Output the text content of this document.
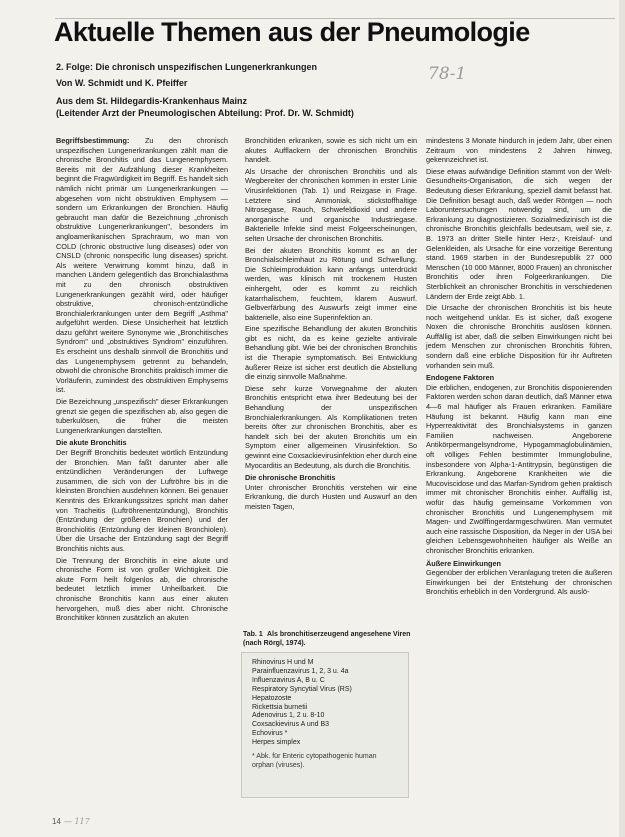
Aktuelle Themen aus der Pneumologie
78-1

2. Folge: Die chronisch unspezifischen Lungenerkrankungen

Von W. Schmidt und K. Pfeiffer

Aus dem St. Hildegardis-Krankenhaus Mainz

(Leitender Arzt der Pneumologischen Abteilung: Prof. Dr. W. Schmidt)

Begriffsbestimmung: Zu den chronisch unspezifischen Lungenerkrankungen zählt man die chronische Bronchitis und das Lungenemphysem. Bereits mit der Aufzählung dieser Krankheiten beginnt die Fragwürdigkeit im Begriff. Es handelt sich nämlich nicht primär um Lungenerkrankungen — abgesehen vom nicht obstruktiven Emphysem — sondern um Erkrankungen der Bronchien. Häufig gebraucht man dafür die Bezeichnung „chronisch obstruktive Lungenerkrankungen", besonders im angloamerikanischen Sprachraum, wo man von COLD (chronic obstructive lung diseases) oder von CNSLD (chronic nonspecific lung diseases) spricht. Als weitere Verwirrung kommt hinzu, daß in manchen Ländern gelegentlich das Bronchialasthma mit zu den chronisch obstruktiven Lungenerkrankungen gezählt wird, oder häufiger obstruktive, chronisch-entzündliche Bronchialerkrankungen unter dem Begriff „Asthma" aufgeführt werden. Diese Unsicherheit hat letztlich dazu geführt weitere Synonyme wie „Bronchitisches Syndrom" und „obstruktives Syndrom" einzuführen. Es erscheint uns deshalb sinnvoll die Bronchitis und das Lungenemphysem getrennt zu behandeln, obwohl die chronische Bronchitis praktisch immer die Vorläuferin, zumindest des obstruktiven Emphysems ist.

Die Bezeichnung „unspezifisch" dieser Erkrankungen grenzt sie gegen die spezifischen ab, also gegen die tuberkulösen, die früher die meisten Lungenerkrankungen darstellten.

Die akute Bronchitis

Der Begriff Bronchitis bedeutet wörtlich Entzündung der Bronchien. Man faßt darunter aber alle entzündlichen Veränderungen der Luftwege zusammen, die sich von der Luftröhre bis in die kleinsten Bronchien ausdehnen können. Bei genauer Kenntnis des Erkrankungssitzes spricht man daher von Tracheitis (Luftröhrenentzündung), Bronchitis (Entzündung der größeren Bronchien) und der Bronchiolitis (Entzündung der kleinen Bronchiolen). Über die Ursache der Entzündung sagt der Begriff Bronchitis nichts aus.

Die Trennung der Bronchitis in eine akute und chronische Form ist von großer Wichtigkeit. Die akute Form heilt folgenlos ab, die chronische bedeutet letztlich immer Unheilbarkeit. Die chronische Bronchitis kann aus einer akuten hervorgehen, muß dies aber nicht. Chronische Bronchitiker können zusätzlich an akuten

Bronchitiden erkranken, sowie es sich nicht um ein akutes Aufflackern der chronischen Bronchitis handelt.

Als Ursache der chronischen Bronchitis und als Wegbereiter der chronischen kommen in erster Linie Virusinfektionen (Tab. 1) und Reizgase in Frage. Letztere sind Ammoniak, stickstoffhaltige Nitrosegase, Rauch, Schwefeldioxid und andere anorganische und organische Industriegase. Bakterielle Infekte sind meist Folgeerscheinungen, selten Ursache der chronischen Bronchitis.

Bei der akuten Bronchitis kommt es an der Bronchialschleimhaut zu Rötung und Schwellung. Die Schleimproduktion kann anfangs unterdrückt werden, was klinisch mit trockenem Husten einhergeht, oder es kommt zu reichlich katarrhalischem, feuchtem, klarem Auswurf. Gelbverfärbung des Auswurfs zeigt immer eine bakterielle, also eine Superinfektion an.

Eine spezifische Behandlung der akuten Bronchitis gibt es nicht, da es keine gezielte antivirale Behandlung gibt. Wie bei der chronischen Bronchitis ist die Therapie symptomatisch. Bei Entwicklung äußerer Reize ist sicher erst deutlich die Abstellung die einzig sinnvolle Maßnahme.

Diese sehr kurze Vorwegnahme der akuten Bronchitis entspricht etwa ihrer Bedeutung bei der Behandlung der unspezifischen Bronchialerkrankungen. Als Komplikationen treten bereits öfter zur chronischen Bronchitis, aber es handelt sich bei der akuten Bronchitis um ein Symptom einer allgemeinen Virusinfektion. So gewinnt eine Coxsackievirusinfektion eher durch eine Myocarditis an Bedeutung, als durch die Bronchitis.

Die chronische Bronchitis

Unter chronischer Bronchitis verstehen wir eine Erkrankung, die durch Husten und Auswurf an den meisten Tagen,

Tab. 1 Als bronchitiserzeugend angesehene Viren (nach Rörgl, 1974).
Rhinovirus H und M
Parainfluenzavirus 1, 2, 3 u. 4a
Influenzavirus A, B u. C
Respiratory Syncytial Virus (RS)
Hepatozoste
Rickettsia burnetii
Adenovirus 1, 2 u. 8-10
Coxsackievirus A und B3
Echovirus *
Herpes simplex
* Abk. für Enteric cytopathogenic human orphan (viruses).

mindestens 3 Monate hindurch in jedem Jahr, über einen Zeitraum von mindestens 2 Jahren hinweg, gekennzeichnet ist.

Diese etwas aufwändige Definition stammt von der Welt-Gesundheits-Organisation, die sich wegen der Bedeutung dieser Erkrankung, speziell damit befasst hat. Die Definition besagt auch, daß weder Röntgen — noch Laboruntersuchungen notwendig sind, um die Erkrankung zu diagnostizieren. Sozialmedizinisch ist die chronische Bronchitis gleichfalls bedeutsam, weil sie, z. B. 1973 an dritter Stelle hinter Herz-, Kreislauf- und Gelenkleiden, als Ursache für eine vorzeitige Berentung stand. 1969 starben in der Bundesrepublik 27 000 Menschen (10 000 Männer, 8000 Frauen) an chronischer Bronchitis oder ihren Folgeerkrankungen. Die Sterblichkeit an chronischer Bronchitis in verschiedenen Ländern der Erde zeigt Abb. 1.

Die Ursache der chronischen Bronchitis ist bis heute noch weitgehend unklar. Es ist sicher, daß exogene Noxen die chronische Bronchitis auslösen können. Auffällig ist aber, daß die selben Einwirkungen nicht bei jedem Menschen zur chronischen Bronchitis führen, sondern daß eine erbliche Disposition für ihr Auftreten vorhanden sein muß.

Endogene Faktoren

Die erblichen, endogenen, zur Bronchitis disponierenden Faktoren werden schon daran deutlich, daß Männer etwa 4—6 mal häufiger als Frauen erkranken. Familiäre Häufung ist bekannt. Häufig kann man eine Hyperreaktivität des Bronchialsystems in ganzen Familien nachweisen. Angeborene Antikörpermangelsyndrome, Hypogammaglobulinämien, oft völliges Fehlen bestimmter Immunglobuline, insbesondere von Alpha-1-Antitrypsin, begünstigen die Erkrankung. Angeborene Krankheiten wie die Mucoviscidose und das Marfan-Syndrom gehen praktisch immer mit chronischer Bronchitis einher. Auffällig ist, wofür das häufig gemeinsame Vorkommen von chronischer Bronchitis und Lungenemphysem mit Magen- und Zwölffingerdarmgeschwüren. Man vermutet auch eine rassische Disposition, da Neger in der USA bei gleichen Lebensgewohnheiten häufiger als Weiße an chronischer Bronchitis erkranken.

Äußere Einwirkungen

Gegenüber der erblichen Veranlagung treten die äußeren Einwirkungen bei der Entstehung der chronischen Bronchitis erheblich in den Vordergrund. Als auslö-

14 — 117
